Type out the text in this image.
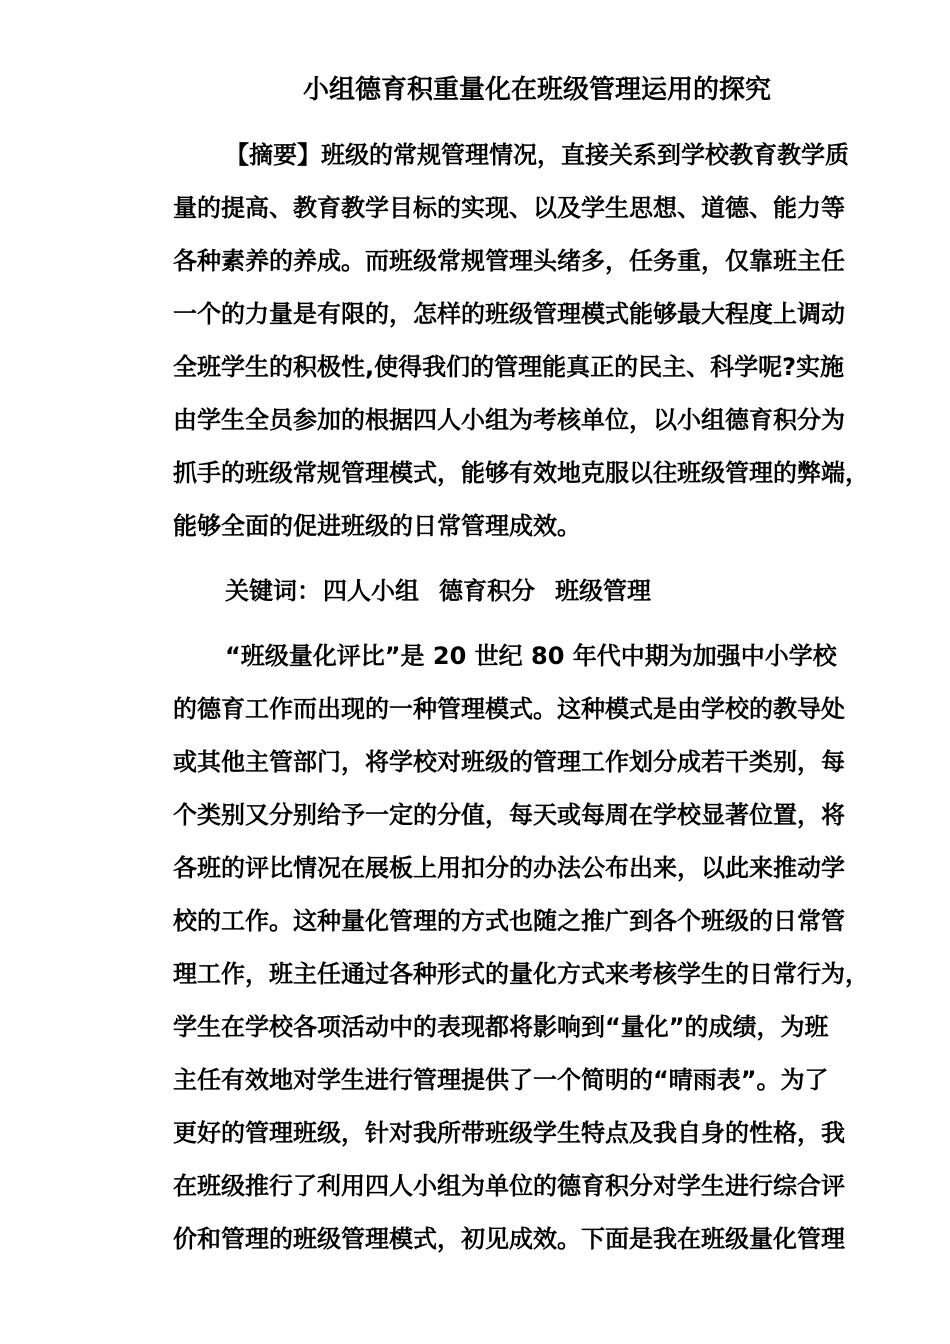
小组德育积重量化在班级管理运用的探究
【摘要】班级的常规管理情况，直接关系到学校教育教学质
量的提高、教育教学目标的实现、以及学生思想、道德、能力等
各种素养的养成。而班级常规管理头绪多，任务重，仅靠班主任
一个的力量是有限的，怎样的班级管理模式能够最大程度上调动
全班学生的积极性,使得我们的管理能真正的民主、科学呢?实施
由学生全员参加的根据四人小组为考核单位，以小组德育积分为
抓手的班级常规管理模式，能够有效地克服以往班级管理的弊端，
能够全面的促进班级的日常管理成效。
关键词：四人小组 德育积分 班级管理
“班级量化评比”是 20 世纪 80 年代中期为加强中小学校
的德育工作而出现的一种管理模式。这种模式是由学校的教导处
或其他主管部门，将学校对班级的管理工作划分成若干类别，每
个类别又分别给予一定的分值，每天或每周在学校显著位置，将
各班的评比情况在展板上用扣分的办法公布出来，以此来推动学
校的工作。这种量化管理的方式也随之推广到各个班级的日常管
理工作，班主任通过各种形式的量化方式来考核学生的日常行为，
学生在学校各项活动中的表现都将影响到“量化”的成绩，为班
主任有效地对学生进行管理提供了一个简明的“晴雨表”。为了
更好的管理班级，针对我所带班级学生特点及我自身的性格，我
在班级推行了利用四人小组为单位的德育积分对学生进行综合评
价和管理的班级管理模式，初见成效。下面是我在班级量化管理
